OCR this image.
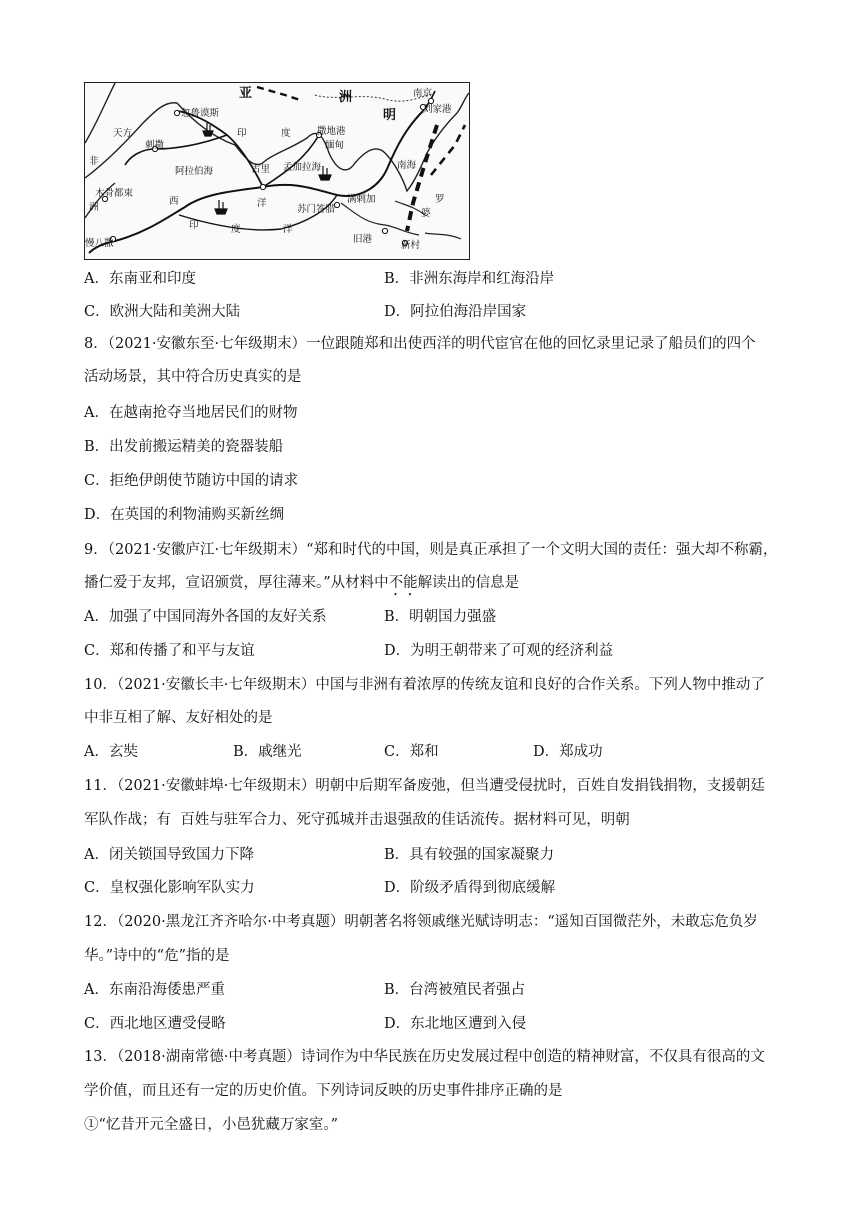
亚	洲
明
南京
刘家港
忽鲁谟斯
天方
刺撒
非
洲
印	度	撒地港
缅甸
阿拉伯海	古里 孟加拉海	南海
木骨都束
西	洋
苏门答腊
满剌加	罗
婆
慢八撒
印	度	洋
旧港
新村
A．东南亚和印度	B．非洲东海岸和红海沿岸
C．欧洲大陆和美洲大陆	D．阿拉伯海沿岸国家
8．（2021·安徽东至·七年级期末）一位跟随郑和出使西洋的明代宦官在他的回忆录里记录了船员们的四个
活动场景，其中符合历史真实的是
A．在越南抢夺当地居民们的财物
B．出发前搬运精美的瓷器装船
C．拒绝伊朗使节随访中国的请求
D．在英国的利物浦购买新丝绸
9．（2021·安徽庐江·七年级期末）“郑和时代的中国，则是真正承担了一个文明大国的责任：强大却不称霸，
播仁爱于友邦，宣诏颁赏，厚往薄来。”从材料中不能解读出的信息是
A．加强了中国同海外各国的友好关系	B．明朝国力强盛
C．郑和传播了和平与友谊	D．为明王朝带来了可观的经济利益
10．（2021·安徽长丰·七年级期末）中国与非洲有着浓厚的传统友谊和良好的合作关系。下列人物中推动了
中非互相了解、友好相处的是
A．玄奘	B．戚继光	C．郑和	D．郑成功
11．（2021·安徽蚌埠·七年级期末）明朝中后期军备废弛，但当遭受侵扰时，百姓自发捐钱捐物，支援朝廷
军队作战；有  百姓与驻军合力、死守孤城并击退强敌的佳话流传。据材料可见，明朝
A．闭关锁国导致国力下降	B．具有较强的国家凝聚力
C．皇权强化影响军队实力	D．阶级矛盾得到彻底缓解
12．（2020·黑龙江齐齐哈尔·中考真题）明朝著名将领戚继光赋诗明志：“遥知百国微茫外，未敢忘危负岁
华。”诗中的“危”指的是
A．东南沿海倭患严重	B．台湾被殖民者强占
C．西北地区遭受侵略	D．东北地区遭到入侵
13．（2018·湖南常德·中考真题）诗词作为中华民族在历史发展过程中创造的精神财富，不仅具有很高的文
学价值，而且还有一定的历史价值。下列诗词反映的历史事件排序正确的是
①“忆昔开元全盛日，小邑犹藏万家室。”
